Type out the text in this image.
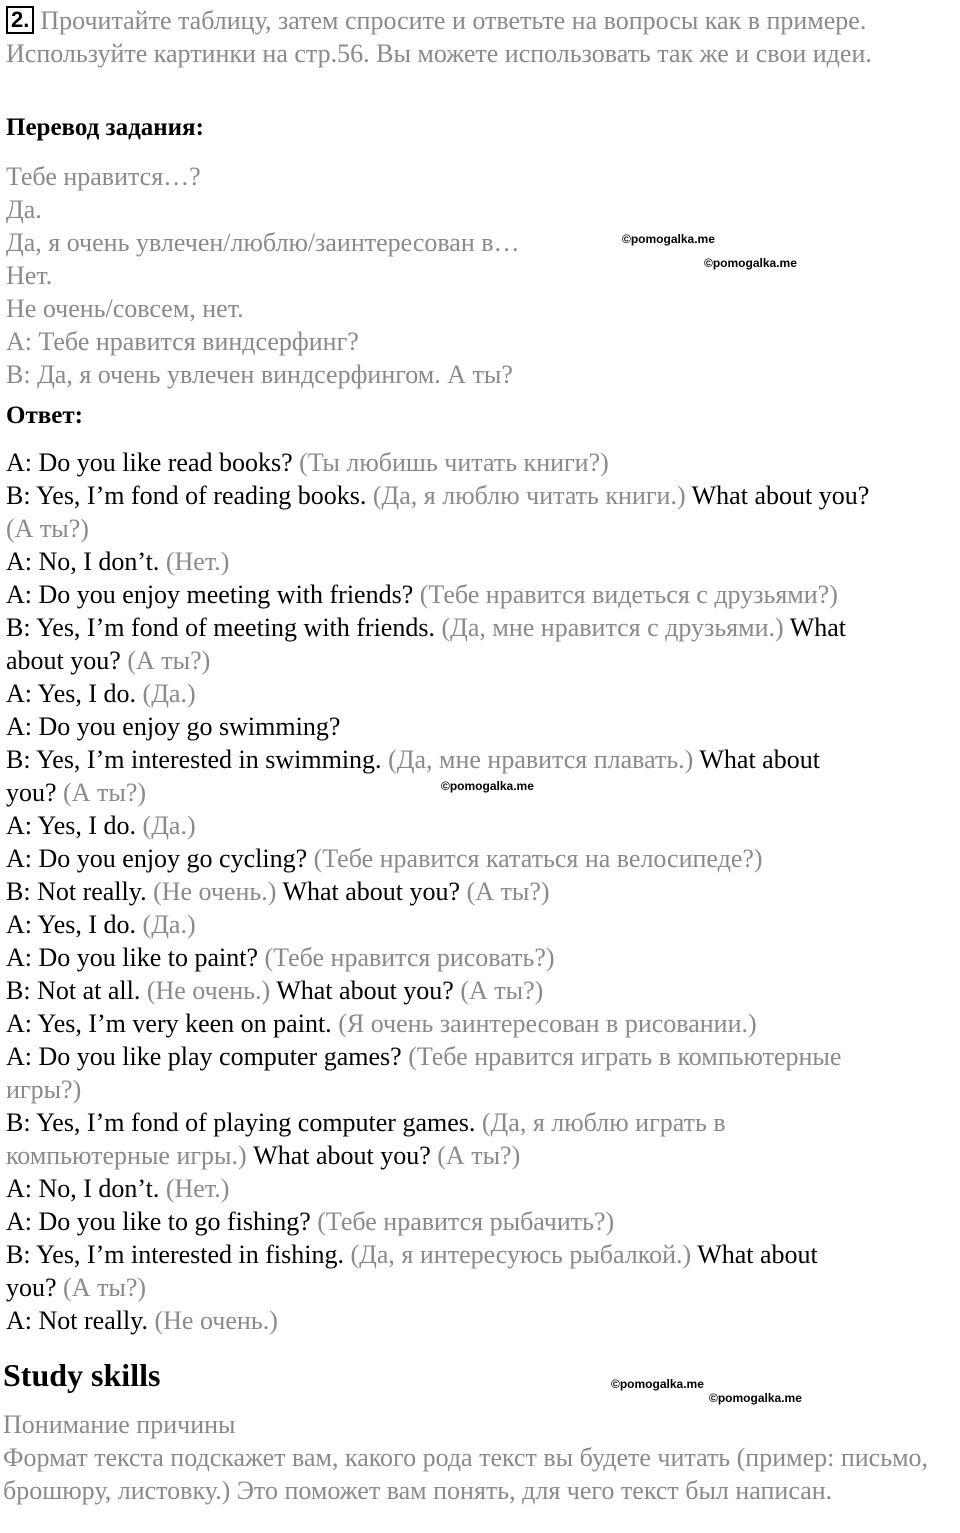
2. Прочитайте таблицу, затем спросите и ответьте на вопросы как в примере. Используйте картинки на стр.56. Вы можете использовать так же и свои идеи.
Перевод задания:
Тебе нравится…?
Да.
Да, я очень увлечен/люблю/заинтересован в…
Нет.
Не очень/совсем, нет.
A: Тебе нравится виндсерфинг?
B: Да, я очень увлечен виндсерфингом. А ты?
Ответ:
A: Do you like read books? (Ты любишь читать книги?)
B: Yes, I’m fond of reading books. (Да, я люблю читать книги.) What about you?
(А ты?)
A: No, I don’t. (Нет.)
A: Do you enjoy meeting with friends? (Тебе нравится видеться с друзьями?)
B: Yes, I’m fond of meeting with friends. (Да, мне нравится с друзьями.) What
about you? (А ты?)
A: Yes, I do. (Да.)
A: Do you enjoy go swimming?
B: Yes, I’m interested in swimming. (Да, мне нравится плавать.) What about
you? (А ты?)
A: Yes, I do. (Да.)
A: Do you enjoy go cycling? (Тебе нравится кататься на велосипеде?)
B: Not really. (Не очень.) What about you? (А ты?)
A: Yes, I do. (Да.)
A: Do you like to paint? (Тебе нравится рисовать?)
B: Not at all. (Не очень.) What about you? (А ты?)
A: Yes, I’m very keen on paint. (Я очень заинтересован в рисовании.)
A: Do you like play computer games? (Тебе нравится играть в компьютерные
игры?)
B: Yes, I’m fond of playing computer games. (Да, я люблю играть в
компьютерные игры.) What about you? (А ты?)
A: No, I don’t. (Нет.)
A: Do you like to go fishing? (Тебе нравится рыбачить?)
B: Yes, I’m interested in fishing. (Да, я интересуюсь рыбалкой.) What about
you? (А ты?)
A: Not really. (Не очень.)
Study skills
Понимание причины
Формат текста подскажет вам, какого рода текст вы будете читать (пример: письмо, брошюру, листовку.) Это поможет вам понять, для чего текст был написан.
©pomogalka.me
©pomogalka.me
©pomogalka.me
©pomogalka.me
©pomogalka.me
